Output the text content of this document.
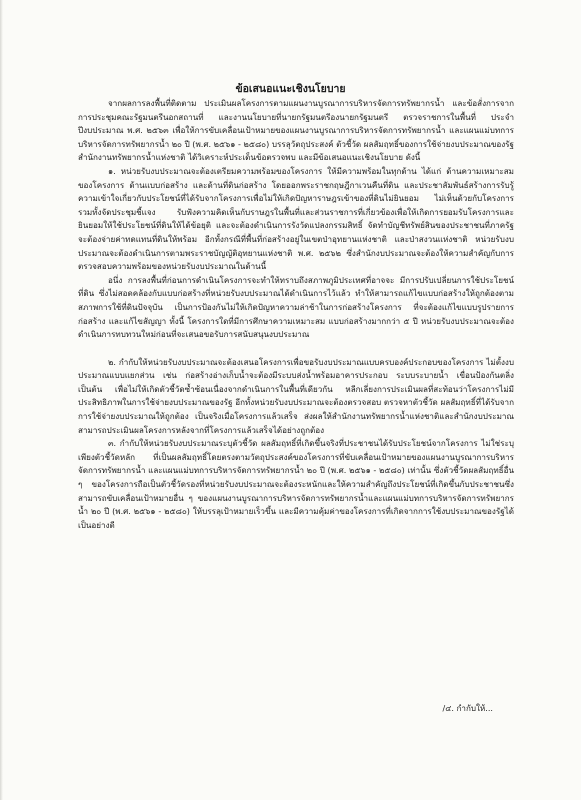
ข้อเสนอแนะเชิงนโยบาย

จากผลการลงพื้นที่ติดตาม ประเมินผลโครงการตามแผนงานบูรณาการบริหารจัดการทรัพยากรน้ำ และข้อสั่งการจากการประชุมคณะรัฐมนตรีนอกสถานที่ และงานนโยบายที่นายกรัฐมนตรีองนายกรัฐมนตรี ตรวจราชการในพื้นที่ ประจำปีงบประมาณ พ.ศ. ๒๕๖๓ เพื่อให้การขับเคลื่อนเป้าหมายของแผนงานบูรณาการบริหารจัดการทรัพยากรน้ำ และแผนแม่บทการบริหารจัดการทรัพยากรน้ำ ๒๐ ปี (พ.ศ. ๒๕๖๑ - ๒๕๘๐) บรรลุวัตถุประสงค์ ตัวชี้วัด ผลสัมฤทธิ์ของการใช้จ่ายงบประมาณของรัฐ สำนักงานทรัพยากรน้ำแห่งชาติ ได้วิเคราะห์ประเด็นข้อตรวจพบ และมีข้อเสนอแนะเชิงนโยบาย ดังนี้

๑. หน่วยรับงบประมาณจะต้องเตรียมความพร้อมของโครงการ ให้มีความพร้อมในทุกด้าน ได้แก่ ด้านความเหมาะสมของโครงการ ด้านแบบก่อสร้าง และด้านที่ดินก่อสร้าง โดยออกพระราชกฤษฎีกาเวนคืนที่ดิน และประชาสัมพันธ์สร้างการรับรู้ ความเข้าใจเกี่ยวกับประโยชน์ที่ได้รับจากโครงการเพื่อไม่ให้เกิดปัญหาราษฎรเข้าของที่ดินไม่ยินยอม ไม่เห็นด้วยกับโครงการ รวมทั้งจัดประชุมชี้แจง รับฟังความคิดเห็นกับราษฎรในพื้นที่และส่วนราชการที่เกี่ยวข้องเพื่อให้เกิดการยอมรับโครงการและยินยอมให้ใช้ประโยชน์ที่ดินให้ได้ข้อยุติ และจะต้องดำเนินการรังวัดแปลงกรรมสิทธิ์ จัดทำบัญชีทรัพย์สินของประชาชนที่ภาครัฐจะต้องจ่ายค่าทดแทนที่ดินให้พร้อม อีกทั้งกรณีที่พื้นที่ก่อสร้างอยู่ในเขตป่าอุทยานแห่งชาติ และป่าสงวนแห่งชาติ หน่วยรับงบประมาณจะต้องดำเนินการตามพระราชบัญญัติอุทยานแห่งชาติ พ.ศ. ๒๕๖๒ ซึ่งสำนักงบประมาณจะต้องให้ความสำคัญกับการตรวจสอบความพร้อมของหน่วยรับงบประมาณในด้านนี้

อนึ่ง การลงพื้นที่ก่อนการดำเนินโครงการจะทำให้ทราบถึงสภาพภูมิประเทศที่อาจจะ มีการปรับเปลี่ยนการใช้ประโยชน์ที่ดิน ซึ่งไม่สอดคล้องกับแบบก่อสร้างที่หน่วยรับงบประมาณได้ดำเนินการไว้แล้ว ทำให้สามารถแก้ไขแบบก่อสร้างให้ถูกต้องตามสภาพการใช้ที่ดินปัจจุบัน เป็นการป้องกันไม่ให้เกิดปัญหาความล่าช้าในการก่อสร้างโครงการ ที่จะต้องแก้ไขแบบรูปรายการก่อสร้าง และแก้ไขสัญญา ทั้งนี้ โครงการใดที่มีการศึกษาความเหมาะสม แบบก่อสร้างมากกว่า ๕ ปี หน่วยรับงบประมาณจะต้องดำเนินการทบทวนใหม่ก่อนที่จะเสนอขอรับการสนับสนุนงบประมาณ

๒. กำกับให้หน่วยรับงบประมาณจะต้องเสนอโครงการเพื่อขอรับงบประมาณแบบครบองค์ประกอบของโครงการ ไม่ตั้งงบประมาณแบบแยกส่วน เช่น ก่อสร้างอ่างเก็บน้ำจะต้องมีระบบส่งน้ำพร้อมอาคารประกอบ ระบบระบายน้ำ เขื่อนป้องกันตลิ่ง เป็นต้น เพื่อไม่ให้เกิดตัวชี้วัดซ้ำซ้อนเนื่องจากดำเนินการในพื้นที่เดียวกัน หลีกเลี่ยงการประเมินผลที่สะท้อนว่าโครงการไม่มีประสิทธิภาพในการใช้จ่ายงบประมาณของรัฐ อีกทั้งหน่วยรับงบประมาณจะต้องตรวจสอบ ตรวจหาตัวชี้วัด ผลสัมฤทธิ์ที่ได้รับจากการใช้จ่ายงบประมาณให้ถูกต้อง เป็นจริงเมื่อโครงการแล้วเสร็จ ส่งผลให้สำนักงานทรัพยากรน้ำแห่งชาติและสำนักงบประมาณสามารถประเมินผลโครงการหลังจากที่โครงการแล้วเสร็จได้อย่างถูกต้อง

๓. กำกับให้หน่วยรับงบประมาณระบุตัวชี้วัด ผลสัมฤทธิ์ที่เกิดขึ้นจริงที่ประชาชนได้รับประโยชน์จากโครงการ ไม่ใช่ระบุเพียงตัวชี้วัดหลัก ที่เป็นผลสัมฤทธิ์โดยตรงตามวัตถุประสงค์ของโครงการที่ขับเคลื่อนเป้าหมายของแผนงานบูรณาการบริหารจัดการทรัพยากรน้ำ และแผนแม่บทการบริหารจัดการทรัพยากรน้ำ ๒๐ ปี (พ.ศ. ๒๕๖๑ - ๒๕๘๐) เท่านั้น ซึ่งตัวชี้วัดผลสัมฤทธิ์อื่น ๆ ของโครงการถือเป็นตัวชี้วัดรองที่หน่วยรับงบประมาณจะต้องระหนักและให้ความสำคัญถึงประโยชน์ที่เกิดขึ้นกับประชาชนซึ่งสามารถขับเคลื่อนเป้าหมายอื่น ๆ ของแผนงานบูรณาการบริหารจัดการทรัพยากรน้ำและแผนแม่บทการบริหารจัดการทรัพยากรน้ำ ๒๐ ปี (พ.ศ. ๒๕๖๑ - ๒๕๘๐) ให้บรรลุเป้าหมายเร็วขึ้น และมีความคุ้มค่าของโครงการที่เกิดจากการใช้งบประมาณของรัฐได้เป็นอย่างดี

/๔. กำกับให้...
